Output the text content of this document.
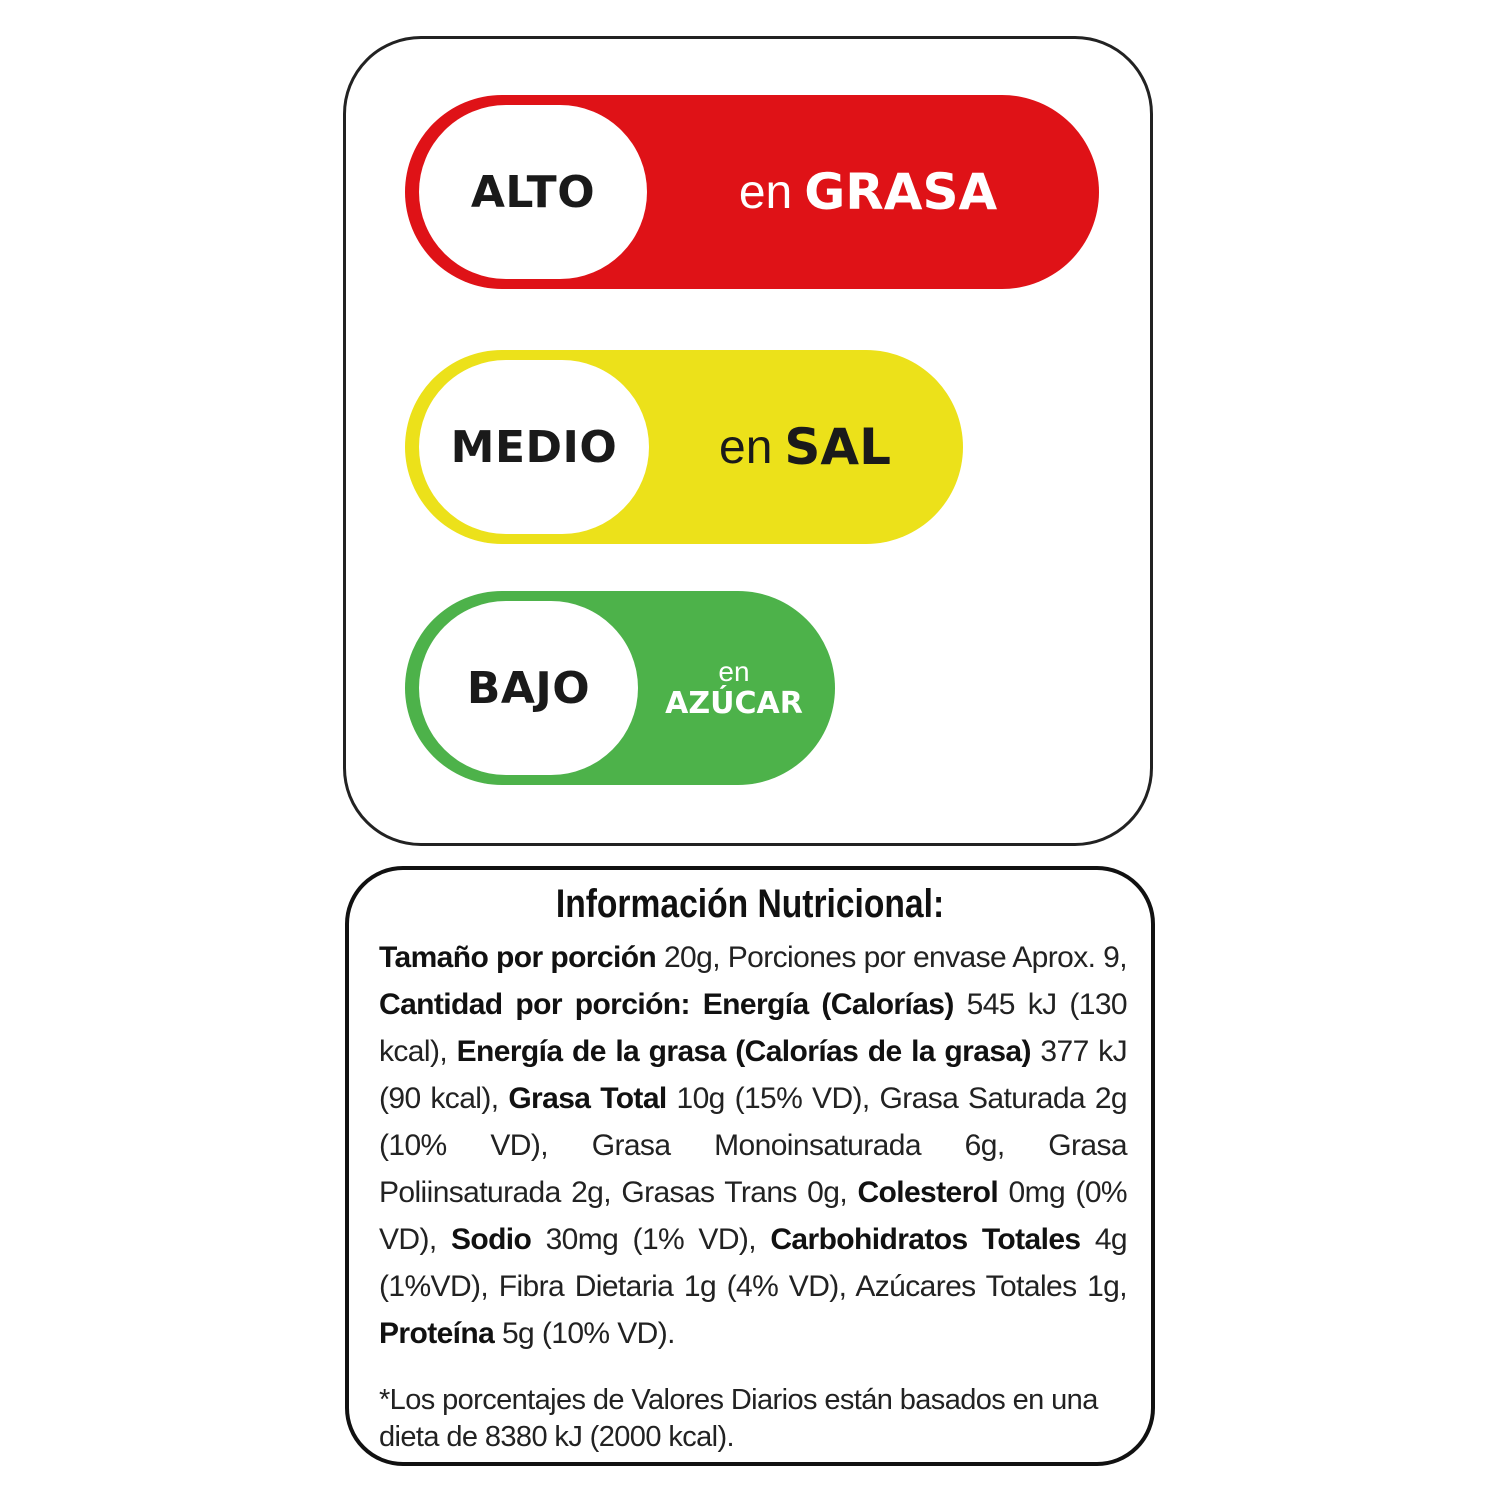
ALTO	en GRASA
MEDIO en SAL
BAJO	en
AZÚCAR
Información Nutricional:
Tamaño por porción 20g, Porciones por envase Aprox. 9, Cantidad por porción: Energía (Calorías) 545 kJ (130 kcal), Energía de la grasa (Calorías de la grasa) 377 kJ (90 kcal), Grasa Total 10g (15% VD), Grasa Saturada 2g (10% VD), Grasa Monoinsaturada 6g, Grasa Poliinsaturada 2g, Grasas Trans 0g, Colesterol 0mg (0% VD), Sodio 30mg (1% VD), Carbohidratos Totales 4g (1%VD), Fibra Dietaria 1g (4% VD), Azúcares Totales 1g, Proteína 5g (10% VD).
*Los porcentajes de Valores Diarios están basados en una dieta de 8380 kJ (2000 kcal).
